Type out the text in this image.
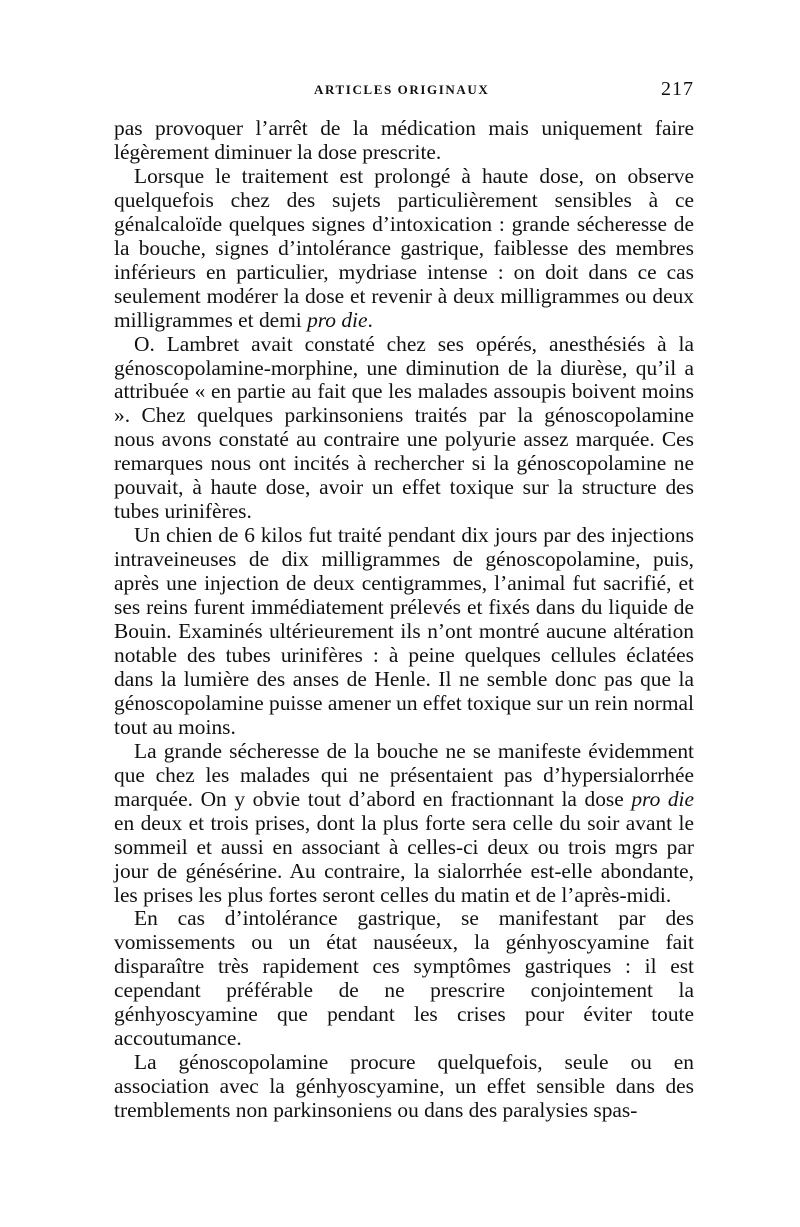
ARTICLES ORIGINAUX	217

pas provoquer l’arrêt de la médication mais uniquement faire légèrement diminuer la dose prescrite.

Lorsque le traitement est prolongé à haute dose, on observe quelquefois chez des sujets particulièrement sensibles à ce génalcaloïde quelques signes d’intoxication : grande sécheresse de la bouche, signes d’intolérance gastrique, faiblesse des membres inférieurs en particulier, mydriase intense : on doit dans ce cas seulement modérer la dose et revenir à deux milligrammes ou deux milligrammes et demi pro die.

O. Lambret avait constaté chez ses opérés, anesthésiés à la génoscopolamine-morphine, une diminution de la diurèse, qu’il a attribuée « en partie au fait que les malades assoupis boivent moins ». Chez quelques parkinsoniens traités par la génoscopolamine nous avons constaté au contraire une polyurie assez marquée. Ces remarques nous ont incités à rechercher si la génoscopolamine ne pouvait, à haute dose, avoir un effet toxique sur la structure des tubes urinifères.

Un chien de 6 kilos fut traité pendant dix jours par des injections intraveineuses de dix milligrammes de génoscopolamine, puis, après une injection de deux centigrammes, l’animal fut sacrifié, et ses reins furent immédiatement prélevés et fixés dans du liquide de Bouin. Examinés ultérieurement ils n’ont montré aucune altération notable des tubes urinifères : à peine quelques cellules éclatées dans la lumière des anses de Henle. Il ne semble donc pas que la génoscopolamine puisse amener un effet toxique sur un rein normal tout au moins.

La grande sécheresse de la bouche ne se manifeste évidemment que chez les malades qui ne présentaient pas d’hypersialorrhée marquée. On y obvie tout d’abord en fractionnant la dose pro die en deux et trois prises, dont la plus forte sera celle du soir avant le sommeil et aussi en associant à celles-ci deux ou trois mgrs par jour de génésérine. Au contraire, la sialorrhée est-elle abondante, les prises les plus fortes seront celles du matin et de l’après-midi.

En cas d’intolérance gastrique, se manifestant par des vomissements ou un état nauséeux, la génhyoscyamine fait disparaître très rapidement ces symptômes gastriques : il est cependant préférable de ne prescrire conjointement la génhyoscyamine que pendant les crises pour éviter toute accoutumance.

La génoscopolamine procure quelquefois, seule ou en association avec la génhyoscyamine, un effet sensible dans des tremblements non parkinsoniens ou dans des paralysies spas-
